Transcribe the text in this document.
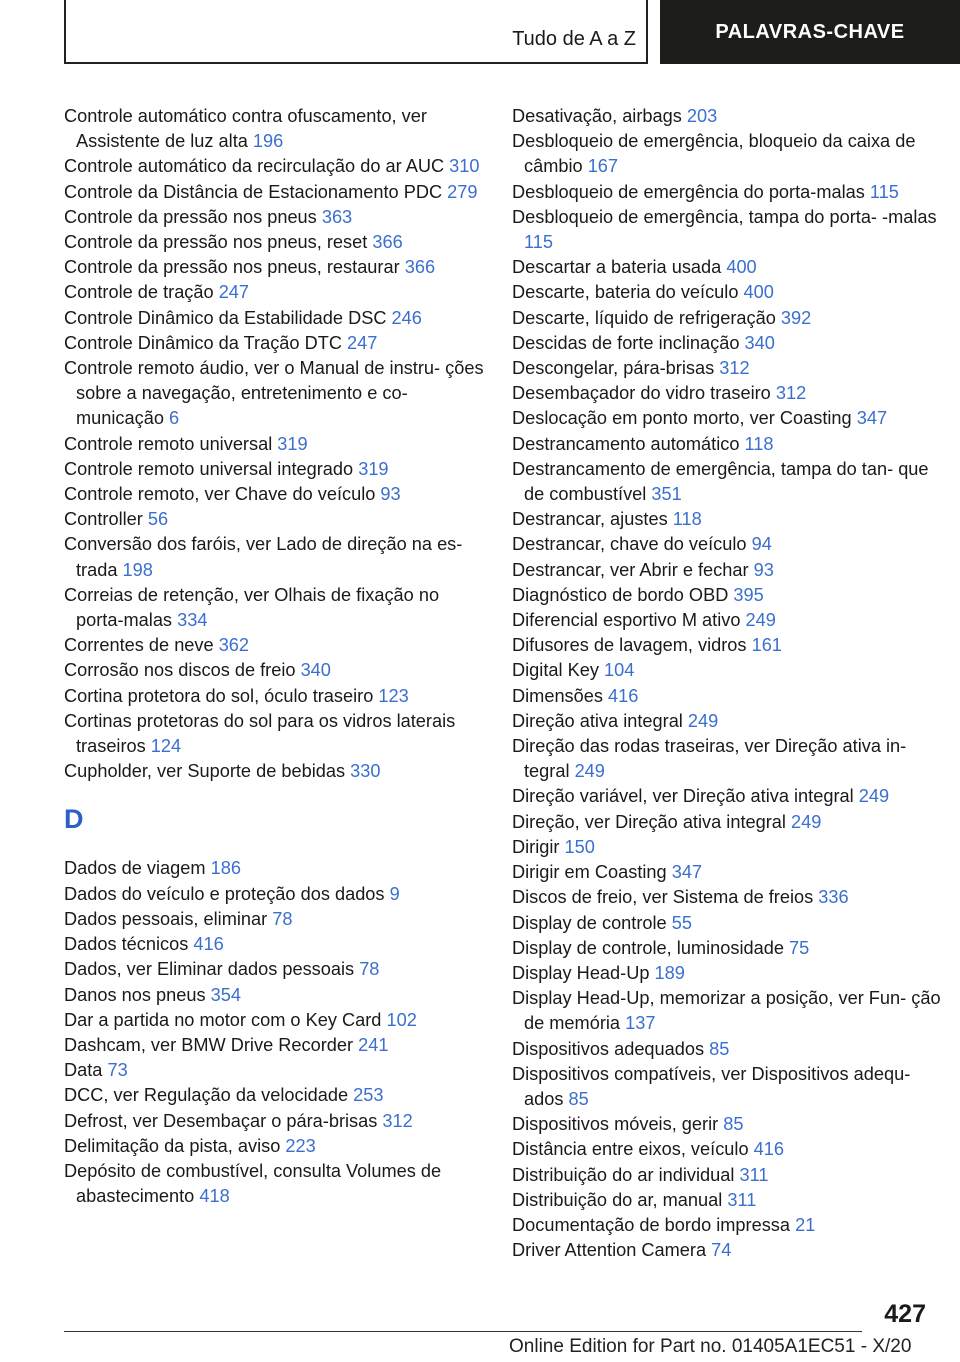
Tudo de A a Z	PALAVRAS-CHAVE
Controle automático contra ofuscamento, ver Assistente de luz alta 196
Controle automático da recirculação do ar AUC 310
Controle da Distância de Estacionamento PDC 279
Controle da pressão nos pneus 363
Controle da pressão nos pneus, reset 366
Controle da pressão nos pneus, restaurar 366
Controle de tração 247
Controle Dinâmico da Estabilidade DSC 246
Controle Dinâmico da Tração DTC 247
Controle remoto áudio, ver o Manual de instru- ções sobre a navegação, entretenimento e co- municação 6
Controle remoto universal 319
Controle remoto universal integrado 319
Controle remoto, ver Chave do veículo 93
Controller 56
Conversão dos faróis, ver Lado de direção na es- trada 198
Correias de retenção, ver Olhais de fixação no porta-malas 334
Correntes de neve 362
Corrosão nos discos de freio 340
Cortina protetora do sol, óculo traseiro 123
Cortinas protetoras do sol para os vidros laterais traseiros 124
Cupholder, ver Suporte de bebidas 330
D
Dados de viagem 186
Dados do veículo e proteção dos dados 9
Dados pessoais, eliminar 78
Dados técnicos 416
Dados, ver Eliminar dados pessoais 78
Danos nos pneus 354
Dar a partida no motor com o Key Card 102
Dashcam, ver BMW Drive Recorder 241
Data 73
DCC, ver Regulação da velocidade 253
Defrost, ver Desembaçar o pára-brisas 312
Delimitação da pista, aviso 223
Depósito de combustível, consulta Volumes de abastecimento 418
Desativação, airbags 203
Desbloqueio de emergência, bloqueio da caixa de câmbio 167
Desbloqueio de emergência do porta-malas 115
Desbloqueio de emergência, tampa do porta- -malas 115
Descartar a bateria usada 400
Descarte, bateria do veículo 400
Descarte, líquido de refrigeração 392
Descidas de forte inclinação 340
Descongelar, pára-brisas 312
Desembaçador do vidro traseiro 312
Deslocação em ponto morto, ver Coasting 347
Destrancamento automático 118
Destrancamento de emergência, tampa do tan- que de combustível 351
Destrancar, ajustes 118
Destrancar, chave do veículo 94
Destrancar, ver Abrir e fechar 93
Diagnóstico de bordo OBD 395
Diferencial esportivo M ativo 249
Difusores de lavagem, vidros 161
Digital Key 104
Dimensões 416
Direção ativa integral 249
Direção das rodas traseiras, ver Direção ativa in- tegral 249
Direção variável, ver Direção ativa integral 249
Direção, ver Direção ativa integral 249
Dirigir 150
Dirigir em Coasting 347
Discos de freio, ver Sistema de freios 336
Display de controle 55
Display de controle, luminosidade 75
Display Head-Up 189
Display Head-Up, memorizar a posição, ver Fun- ção de memória 137
Dispositivos adequados 85
Dispositivos compatíveis, ver Dispositivos adequ- ados 85
Dispositivos móveis, gerir 85
Distância entre eixos, veículo 416
Distribuição do ar individual 311
Distribuição do ar, manual 311
Documentação de bordo impressa 21
Driver Attention Camera 74
427
Online Edition for Part no. 01405A1EC51 - X/20
